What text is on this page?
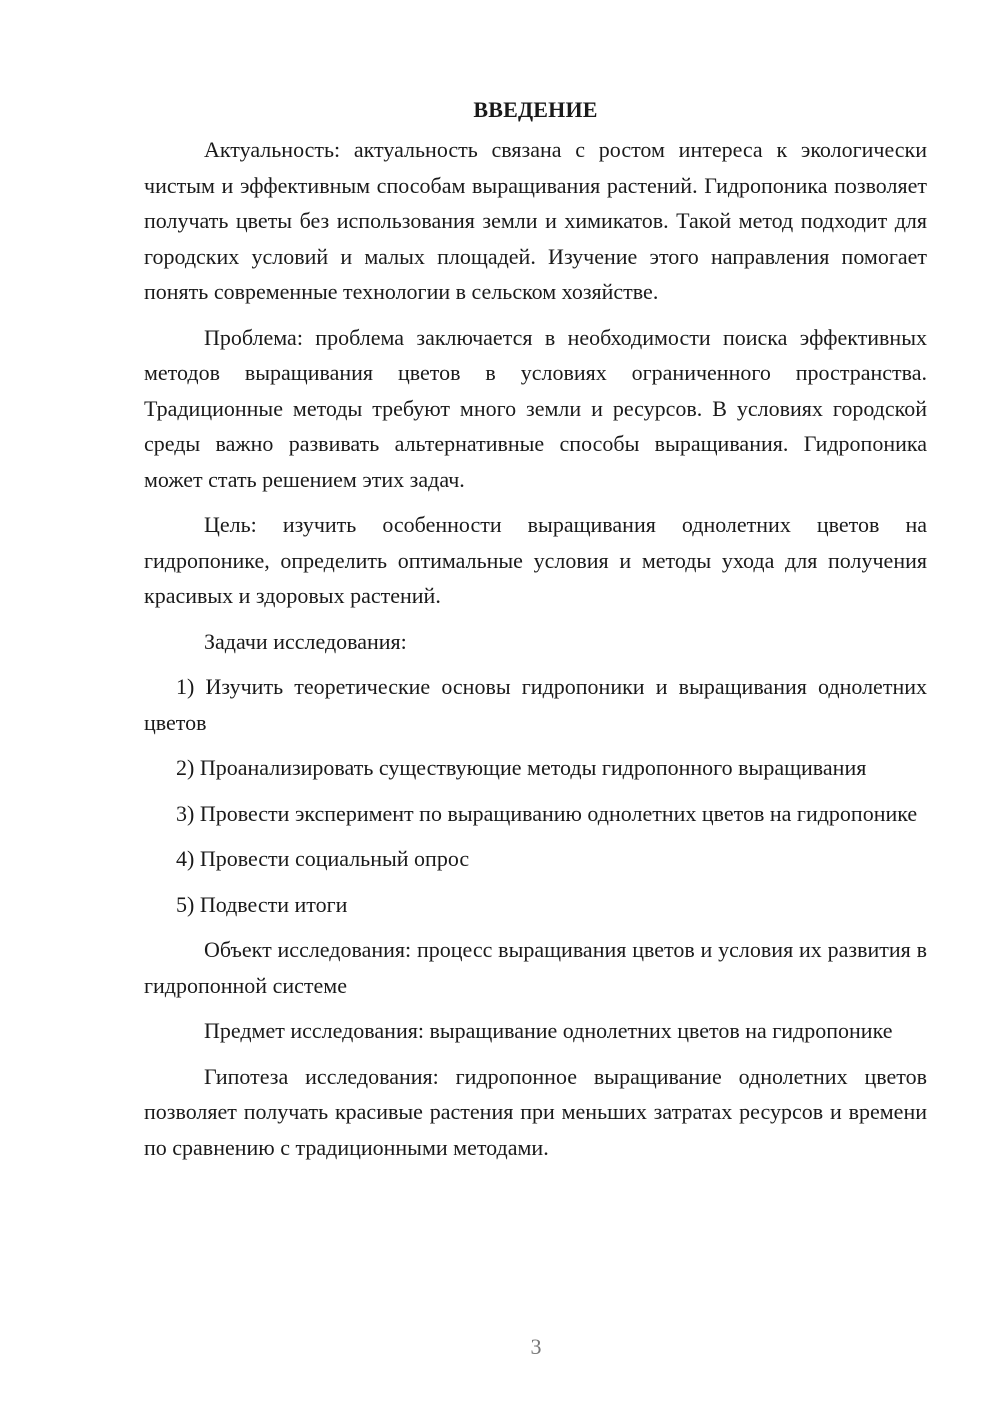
ВВЕДЕНИЕ

Актуальность: актуальность связана с ростом интереса к экологически чистым и эффективным способам выращивания растений. Гидропоника позволяет получать цветы без использования земли и химикатов. Такой метод подходит для городских условий и малых площадей. Изучение этого направления помогает понять современные технологии в сельском хозяйстве.

Проблема: проблема заключается в необходимости поиска эффективных методов выращивания цветов в условиях ограниченного пространства. Традиционные методы требуют много земли и ресурсов. В условиях городской среды важно развивать альтернативные способы выращивания. Гидропоника может стать решением этих задач.

Цель: изучить особенности выращивания однолетних цветов на гидропонике, определить оптимальные условия и методы ухода для получения красивых и здоровых растений.

Задачи исследования:

1) Изучить теоретические основы гидропоники и выращивания однолетних цветов
2) Проанализировать существующие методы гидропонного выращивания
3) Провести эксперимент по выращиванию однолетних цветов на гидропонике
4) Провести социальный опрос
5) Подвести итоги

Объект исследования: процесс выращивания цветов и условия их развития в гидропонной системе

Предмет исследования: выращивание однолетних цветов на гидропонике

Гипотеза исследования: гидропонное выращивание однолетних цветов позволяет получать красивые растения при меньших затратах ресурсов и времени по сравнению с традиционными методами.

3
